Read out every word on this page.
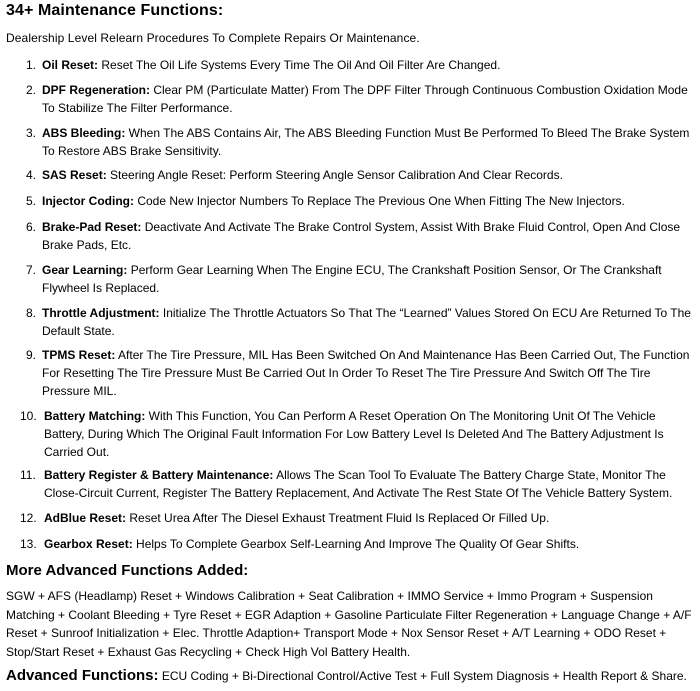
34+ Maintenance Functions:
Dealership Level Relearn Procedures To Complete Repairs Or Maintenance.
1. Oil Reset: Reset The Oil Life Systems Every Time The Oil And Oil Filter Are Changed.
2. DPF Regeneration: Clear PM (Particulate Matter) From The DPF Filter Through Continuous Combustion Oxidation Mode To Stabilize The Filter Performance.
3. ABS Bleeding: When The ABS Contains Air, The ABS Bleeding Function Must Be Performed To Bleed The Brake System To Restore ABS Brake Sensitivity.
4. SAS Reset: Steering Angle Reset: Perform Steering Angle Sensor Calibration And Clear Records.
5. Injector Coding: Code New Injector Numbers To Replace The Previous One When Fitting The New Injectors.
6. Brake-Pad Reset: Deactivate And Activate The Brake Control System, Assist With Brake Fluid Control, Open And Close Brake Pads, Etc.
7. Gear Learning: Perform Gear Learning When The Engine ECU, The Crankshaft Position Sensor, Or The Crankshaft Flywheel Is Replaced.
8. Throttle Adjustment: Initialize The Throttle Actuators So That The “Learned” Values Stored On ECU Are Returned To The Default State.
9. TPMS Reset: After The Tire Pressure, MIL Has Been Switched On And Maintenance Has Been Carried Out, The Function For Resetting The Tire Pressure Must Be Carried Out In Order To Reset The Tire Pressure And Switch Off The Tire Pressure MIL.
10. Battery Matching: With This Function, You Can Perform A Reset Operation On The Monitoring Unit Of The Vehicle Battery, During Which The Original Fault Information For Low Battery Level Is Deleted And The Battery Adjustment Is Carried Out.
11. Battery Register & Battery Maintenance: Allows The Scan Tool To Evaluate The Battery Charge State, Monitor The Close-Circuit Current, Register The Battery Replacement, And Activate The Rest State Of The Vehicle Battery System.
12. AdBlue Reset: Reset Urea After The Diesel Exhaust Treatment Fluid Is Replaced Or Filled Up.
13. Gearbox Reset: Helps To Complete Gearbox Self-Learning And Improve The Quality Of Gear Shifts.
More Advanced Functions Added:
SGW + AFS (Headlamp) Reset + Windows Calibration + Seat Calibration + IMMO Service + Immo Program + Suspension Matching + Coolant Bleeding + Tyre Reset + EGR Adaption + Gasoline Particulate Filter Regeneration + Language Change + A/F Reset + Sunroof Initialization + Elec. Throttle Adaption+ Transport Mode + Nox Sensor Reset + A/T Learning + ODO Reset + Stop/Start Reset + Exhaust Gas Recycling + Check High Vol Battery Health.
Advanced Functions: ECU Coding + Bi-Directional Control/Active Test + Full System Diagnosis + Health Report & Share.
